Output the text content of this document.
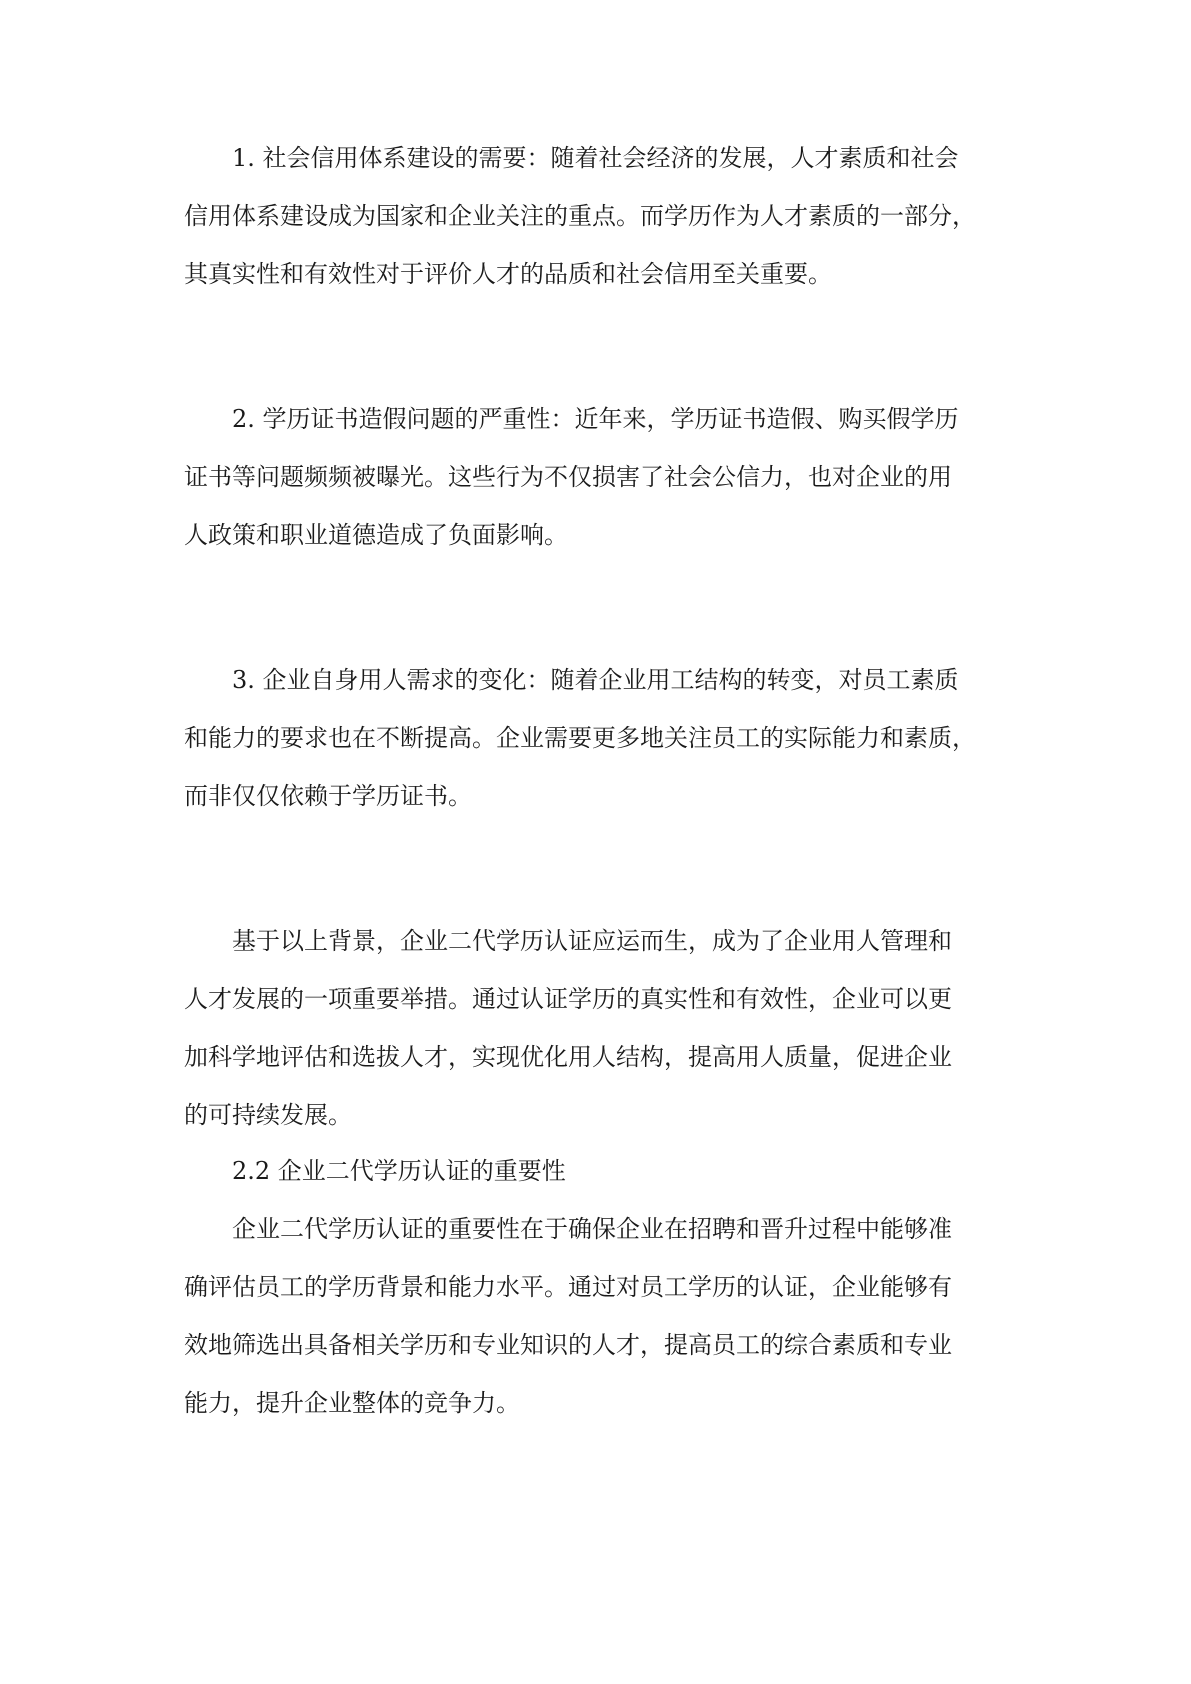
1. 社会信用体系建设的需要：随着社会经济的发展，人才素质和社会
信用体系建设成为国家和企业关注的重点。而学历作为人才素质的一部分，
其真实性和有效性对于评价人才的品质和社会信用至关重要。
2. 学历证书造假问题的严重性：近年来，学历证书造假、购买假学历
证书等问题频频被曝光。这些行为不仅损害了社会公信力，也对企业的用
人政策和职业道德造成了负面影响。
3. 企业自身用人需求的变化：随着企业用工结构的转变，对员工素质
和能力的要求也在不断提高。企业需要更多地关注员工的实际能力和素质，
而非仅仅依赖于学历证书。
基于以上背景，企业二代学历认证应运而生，成为了企业用人管理和
人才发展的一项重要举措。通过认证学历的真实性和有效性，企业可以更
加科学地评估和选拔人才，实现优化用人结构，提高用人质量，促进企业
的可持续发展。
2.2 企业二代学历认证的重要性
企业二代学历认证的重要性在于确保企业在招聘和晋升过程中能够准
确评估员工的学历背景和能力水平。通过对员工学历的认证，企业能够有
效地筛选出具备相关学历和专业知识的人才，提高员工的综合素质和专业
能力，提升企业整体的竞争力。
